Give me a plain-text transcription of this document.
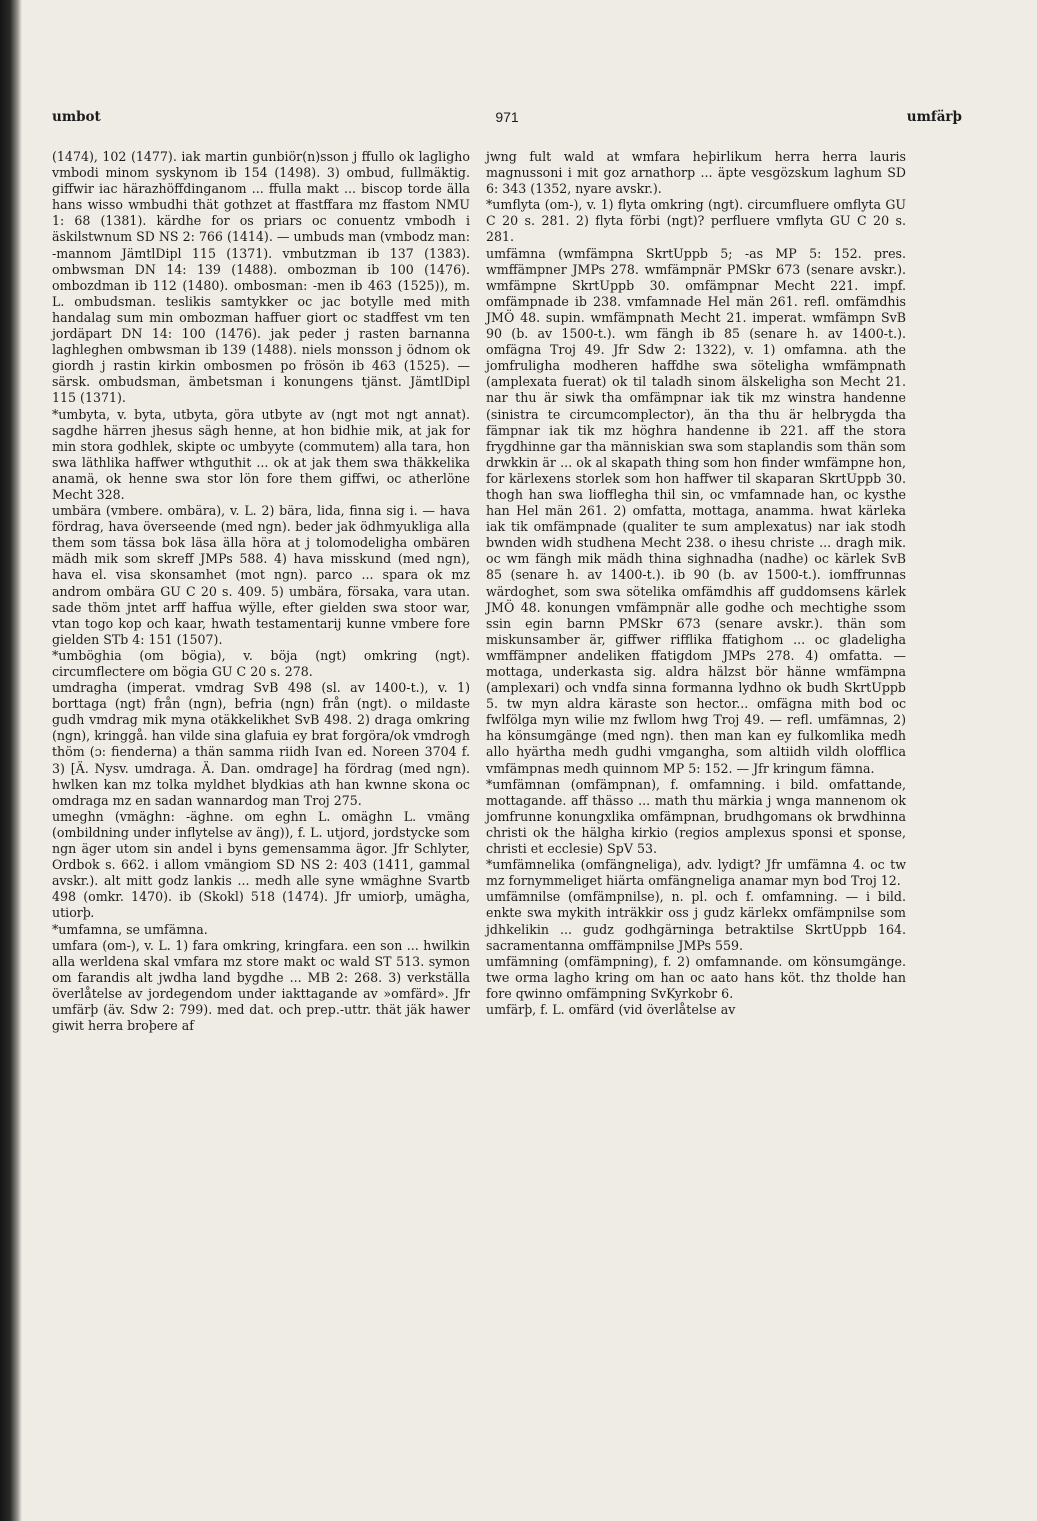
umbot	971	umfärþ

(1474), 102 (1477). iak martin gunbiör(n)sson j ffullo ok lagligho vmbodi minom syskynom ib 154 (1498). 3) ombud, fullmäktig. giffwir iac härazhöffdinganom ... ffulla makt ... biscop torde älla hans wisso wmbudhi thät gothzet at ffastffara mz ffastom NMU 1: 68 (1381). kärdhe for os priars oc conuentz vmbodh i äskilstwnum SD NS 2: 766 (1414). — umbuds man (vmbodz man: -mannom JämtlDipl 115 (1371). vmbutzman ib 137 (1383). ombwsman DN 14: 139 (1488). ombozman ib 100 (1476). ombozdman ib 112 (1480). ombosman: -men ib 463 (1525)), m. L. ombudsman. teslikis samtykker oc jac botylle med mith handalag sum min ombozman haffuer giort oc stadffest vm ten jordäpart DN 14: 100 (1476). jak peder j rasten barnanna laghleghen ombwsman ib 139 (1488). niels monsson j ödnom ok giordh j rastin kirkin ombosmen po frösön ib 463 (1525). — särsk. ombudsman, ämbetsman i konungens tjänst. JämtlDipl 115 (1371).

*umbyta, v. byta, utbyta, göra utbyte av (ngt mot ngt annat). sagdhe härren jhesus sägh henne, at hon bidhie mik, at jak for min stora godhlek, skipte oc umbyyte (commutem) alla tara, hon swa läthlika haffwer wthguthit ... ok at jak them swa thäkkelika anamä, ok henne swa stor lön fore them giffwi, oc atherlöne Mecht 328.

umbära (vmbere. ombära), v. L. 2) bära, lida, finna sig i. — hava fördrag, hava överseende (med ngn). beder jak ödhmyukliga alla them som tässa bok läsa älla höra at j tolomodeligha ombären mädh mik som skreff JMPs 588. 4) hava misskund (med ngn), hava el. visa skonsamhet (mot ngn). parco ... spara ok mz androm ombära GU C 20 s. 409. 5) umbära, försaka, vara utan. sade thöm jntet arff haffua wÿlle, efter gielden swa stoor war, vtan togo kop och kaar, hwath testamentarij kunne vmbere fore gielden STb 4: 151 (1507).

*umböghia (om bögia), v. böja (ngt) omkring (ngt). circumflectere om bögia GU C 20 s. 278.

umdragha (imperat. vmdrag SvB 498 (sl. av 1400-t.), v. 1) borttaga (ngt) från (ngn), befria (ngn) från (ngt). o mildaste gudh vmdrag mik myna otäkkelikhet SvB 498. 2) draga omkring (ngn), kringgå. han vilde sina glafuia ey brat forgöra/ok vmdrogh thöm (ɔ: fienderna) a thän samma riidh Ivan ed. Noreen 3704 f. 3) [Ä. Nysv. umdraga. Ä. Dan. omdrage] ha fördrag (med ngn). hwlken kan mz tolka myldhet blydkias ath han kwnne skona oc omdraga mz en sadan wannardog man Troj 275.

umeghn (vmäghn: -äghne. om eghn L. omäghn L. vmäng (ombildning under inflytelse av äng)), f. L. utjord, jordstycke som ngn äger utom sin andel i byns gemensamma ägor. Jfr Schlyter, Ordbok s. 662. i allom vmängiom SD NS 2: 403 (1411, gammal avskr.). alt mitt godz lankis ... medh alle syne wmäghne Svartb 498 (omkr. 1470). ib (Skokl) 518 (1474). Jfr umiorþ, umägha, utiorþ.

*umfamna, se umfämna.

umfara (om-), v. L. 1) fara omkring, kringfara. een son ... hwilkin alla werldena skal vmfara mz store makt oc wald ST 513. symon om farandis alt jwdha land bygdhe ... MB 2: 268. 3) verkställa överlåtelse av jordegendom under iakttagande av »omfärd». Jfr umfärþ (äv. Sdw 2: 799). med dat. och prep.-uttr. thät jäk hawer giwit herra broþere af

jwng fult wald at wmfara heþirlikum herra herra lauris magnussoni i mit goz arnathorp ... äpte vesgözskum laghum SD 6: 343 (1352, nyare avskr.).

*umflyta (om-), v. 1) flyta omkring (ngt). circumfluere omflyta GU C 20 s. 281. 2) flyta förbi (ngt)? perfluere vmflyta GU C 20 s. 281.

umfämna (wmfämpna SkrtUppb 5; -as MP 5: 152. pres. wmffämpner JMPs 278. wmfämpnär PMSkr 673 (senare avskr.). wmfämpne SkrtUppb 30. omfämpnar Mecht 221. impf. omfämpnade ib 238. vmfamnade Hel män 261. refl. omfämdhis JMÖ 48. supin. wmfämpnath Mecht 21. imperat. wmfämpn SvB 90 (b. av 1500-t.). wm fängh ib 85 (senare h. av 1400-t.). omfägna Troj 49. Jfr Sdw 2: 1322), v. 1) omfamna. ath the jomfruligha modheren haffdhe swa söteligha wmfämpnath (amplexata fuerat) ok til taladh sinom älskeligha son Mecht 21. nar thu är siwk tha omfämpnar iak tik mz winstra handenne (sinistra te circumcomplector), än tha thu är helbrygda tha fämpnar iak tik mz höghra handenne ib 221. aff the stora frygdhinne gar tha människian swa som staplandis som thän som drwkkin är ... ok al skapath thing som hon finder wmfämpne hon, for kärlexens storlek som hon haffwer til skaparan SkrtUppb 30. thogh han swa liofflegha thil sin, oc vmfamnade han, oc kysthe han Hel män 261. 2) omfatta, mottaga, anamma. hwat kärleka iak tik omfämpnade (qualiter te sum amplexatus) nar iak stodh bwnden widh studhena Mecht 238. o ihesu christe ... dragh mik. oc wm fängh mik mädh thina sighnadha (nadhe) oc kärlek SvB 85 (senare h. av 1400-t.). ib 90 (b. av 1500-t.). iomffrunnas wärdoghet, som swa sötelika omfämdhis aff guddomsens kärlek JMÖ 48. konungen vmfämpnär alle godhe och mechtighe ssom ssin egin barnn PMSkr 673 (senare avskr.). thän som miskunsamber är, giffwer rifflika ffatighom ... oc gladeligha wmffämpner andeliken ffatigdom JMPs 278. 4) omfatta. — mottaga, underkasta sig. aldra hälzst bör hänne wmfämpna (amplexari) och vndfa sinna formanna lydhno ok budh SkrtUppb 5. tw myn aldra käraste son hector... omfägna mith bod oc fwlfölga myn wilie mz fwllom hwg Troj 49. — refl. umfämnas, 2) ha könsumgänge (med ngn). then man kan ey fulkomlika medh allo hyärtha medh gudhi vmgangha, som altiidh vildh olofflica vmfämpnas medh quinnom MP 5: 152. — Jfr kringum fämna.

*umfämnan (omfämpnan), f. omfamning. i bild. omfattande, mottagande. aff thässo ... math thu märkia j wnga mannenom ok jomfrunne konungxlika omfämpnan, brudhgomans ok brwdhinna christi ok the hälgha kirkio (regios amplexus sponsi et sponse, christi et ecclesie) SpV 53.

*umfämnelika (omfängneliga), adv. lydigt? Jfr umfämna 4. oc tw mz fornymmeliget hiärta omfängneliga anamar myn bod Troj 12.

umfämnilse (omfämpnilse), n. pl. och f. omfamning. — i bild. enkte swa mykith inträkkir oss j gudz kärlekx omfämpnilse som jdhkelikin ... gudz godhgärninga betraktilse SkrtUppb 164. sacramentanna omffämpnilse JMPs 559.

umfämning (omfämpning), f. 2) omfamnande. om könsumgänge. twe orma lagho kring om han oc aato hans köt. thz tholde han fore qwinno omfämpning SvKyrkobr 6.

umfärþ, f. L. omfärd (vid överlåtelse av
